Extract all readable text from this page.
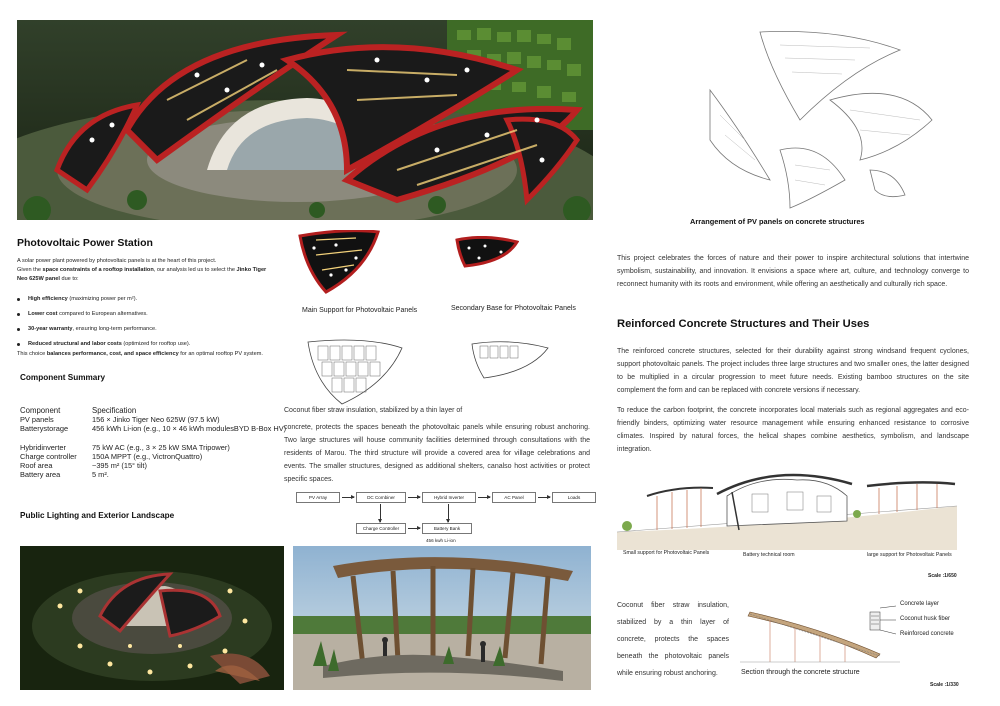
Photovoltaic Power Station
A solar power plant powered by photovoltaic panels is at the heart of this project.
Given the space constraints of a rooftop installation, our analysis led us to select the Jinko Tiger Neo 625W panel due to:
High efficiency (maximizing power per m²).
Lower cost compared to European alternatives.
30-year warranty, ensuring long-term performance.
Reduced structural and labor costs (optimized for rooftop use).
This choice balances performance, cost, and space efficiency for an optimal rooftop PV system.
Component Summary
Component	Specification
PV panels	156 × Jinko Tiger Neo 625W (97.5 kW)
Batterystorage	456 kWh Li-ion (e.g., 10 × 46 kWh modulesBYD B-Box HV)

Hybridinverter	75 kW AC (e.g., 3 × 25 kW SMA Tripower)
Charge controller	150A MPPT (e.g., VictronQuattro)
Roof area	~395 m² (15° tilt)
Battery area	5 m².
Public Lighting and Exterior Landscape
Main Support for Photovoltaic Panels	Secondary Base for Photovoltaic Panels
Coconut fiber straw insulation, stabilized by a thin layer of
concrete, protects the spaces beneath the photovoltaic panels while ensuring robust anchoring. Two large structures will house community facilities determined through consultations with the residents of Marou. The third structure will provide a covered area for village celebrations and events. The smaller structures, designed as additional shelters, canalso host activities or protect specific spaces.
PV Array	DC Combiner	Hybrid Inverter	AC Panel	Loads
Charge Controller	Battery Bank
456 kwh Li-ion
Arrangement of PV panels on concrete structures
This project celebrates the forces of nature and their power to inspire architectural solutions that intertwine symbolism, sustainability, and innovation. It envisions a space where art, culture, and technology converge to reconnect humanity with its roots and environment, while offering an aesthetically and culturally rich space.
Reinforced Concrete Structures and Their Uses
The reinforced concrete structures, selected for their durability against strong windsand frequent cyclones, support photovoltaic panels. The project includes three large structures and two smaller ones, the latter designed to be multiplied in a circular progression to meet future needs. Existing bamboo structures on the site complement the form and can be replaced with concrete versions if necessary.
To reduce the carbon footprint, the concrete incorporates local materials such as regional aggregates and eco-friendly binders, optimizing water resource management while ensuring enhanced resistance to corrosive climates. Inspired by natural forces, the helical shapes combine aesthetics, symbolism, and landscape integration.
Small support for Photovoltaic Panels	Battery technical room	large support for Photovoltaic Panels
Scale :1/650
Coconut fiber straw insulation, stabilized by a thin layer of concrete, protects the spaces beneath the photovoltaic panels while ensuring robust anchoring.
Concrete layer
Coconut husk fiber
Reinforced concrete
Section through the concrete structure
Scale :1/330
